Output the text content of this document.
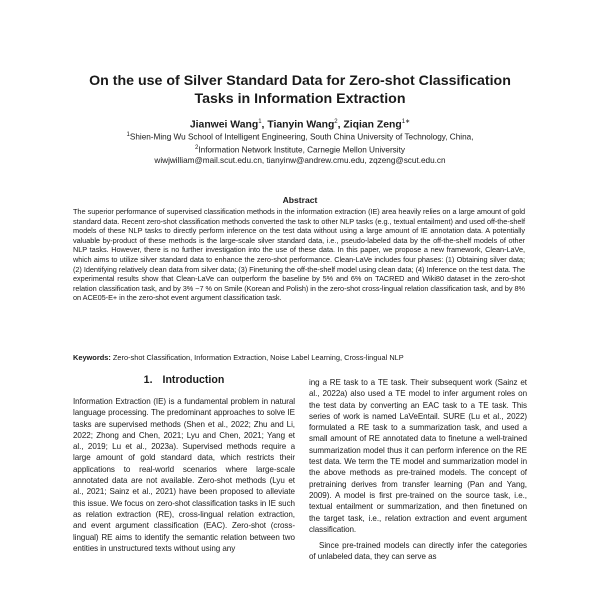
On the use of Silver Standard Data for Zero-shot Classification
Tasks in Information Extraction
Jianwei Wang$^1$, Tianyin Wang$^2$, Ziqian Zeng$^{1∗}$
$^1$Shien-Ming Wu School of Intelligent Engineering, South China University of Technology, China,
$^2$Information Network Institute, Carnegie Mellon University
wiwjwilliam@mail.scut.edu.cn, tianyinw@andrew.cmu.edu, zqzeng@scut.edu.cn
Abstract
The superior performance of supervised classification methods in the information extraction (IE) area heavily relies on a large amount of gold standard data. Recent zero-shot classification methods converted the task to other NLP tasks (e.g., textual entailment) and used off-the-shelf models of these NLP tasks to directly perform inference on the test data without using a large amount of IE annotation data. A potentially valuable by-product of these methods is the large-scale silver standard data, i.e., pseudo-labeled data by the off-the-shelf models of other NLP tasks. However, there is no further investigation into the use of these data. In this paper, we propose a new framework, Clean-LaVe, which aims to utilize silver standard data to enhance the zero-shot performance. Clean-LaVe includes four phases: (1) Obtaining silver data; (2) Identifying relatively clean data from silver data; (3) Finetuning the off-the-shelf model using clean data; (4) Inference on the test data. The experimental results show that Clean-LaVe can outperform the baseline by 5% and 6% on TACRED and Wiki80 dataset in the zero-shot relation classification task, and by 3% ~7 % on Smile (Korean and Polish) in the zero-shot cross-lingual relation classification task, and by 8% on ACE05-E+ in the zero-shot event argument classification task.
Keywords: Zero-shot Classification, Information Extraction, Noise Label Learning, Cross-lingual NLP
1. Introduction

Information Extraction (IE) is a fundamental problem in natural language processing. The predominant approaches to solve IE tasks are supervised methods (Shen et al., 2022; Zhu and Li, 2022; Zhong and Chen, 2021; Lyu and Chen, 2021; Yang et al., 2019; Lu et al., 2023a). Supervised methods require a large amount of gold standard data, which restricts their applications to real-world scenarios where large-scale annotated data are not available. Zero-shot methods (Lyu et al., 2021; Sainz et al., 2021) have been proposed to alleviate this issue. We focus on zero-shot classification tasks in IE such as relation extraction (RE), cross-lingual relation extraction, and event argument classification (EAC). Zero-shot (cross-lingual) RE aims to identify the semantic relation between two entities in unstructured texts without using any

ing a RE task to a TE task. Their subsequent work (Sainz et al., 2022a) also used a TE model to infer argument roles on the test data by converting an EAC task to a TE task. This series of work is named LaVeEntail. SURE (Lu et al., 2022) formulated a RE task to a summarization task, and used a small amount of RE annotated data to finetune a well-trained summarization model thus it can perform inference on the RE test data. We term the TE model and summarization model in the above methods as pre-trained models. The concept of pretraining derives from transfer learning (Pan and Yang, 2009). A model is first pre-trained on the source task, i.e., textual entailment or summarization, and then finetuned on the target task, i.e., relation extraction and event argument classification.

Since pre-trained models can directly infer the categories of unlabeled data, they can serve as
